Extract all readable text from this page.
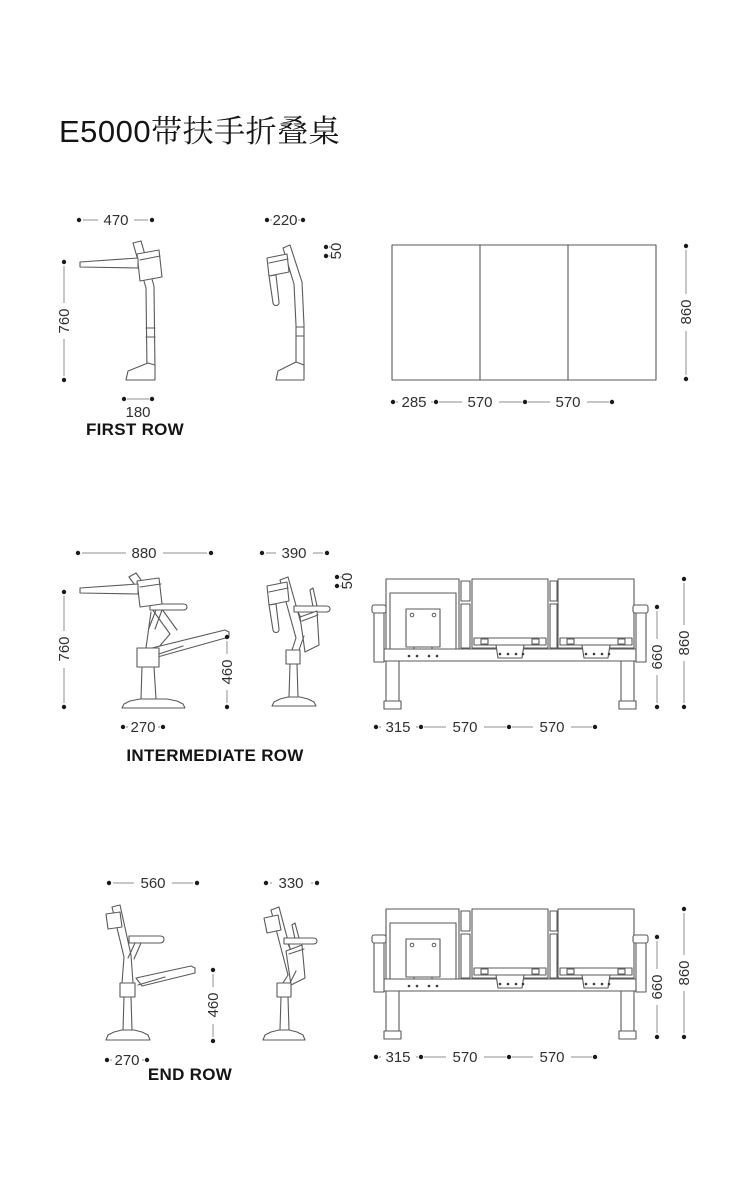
E5000带扶手折叠桌
FIRST ROW
INTERMEDIATE ROW
END ROW
470
760
180
220
50
860
285	570	570
880
760
460
270
390
50
660
860
315	570	570
560
460
270
330
660
860
315	570	570
